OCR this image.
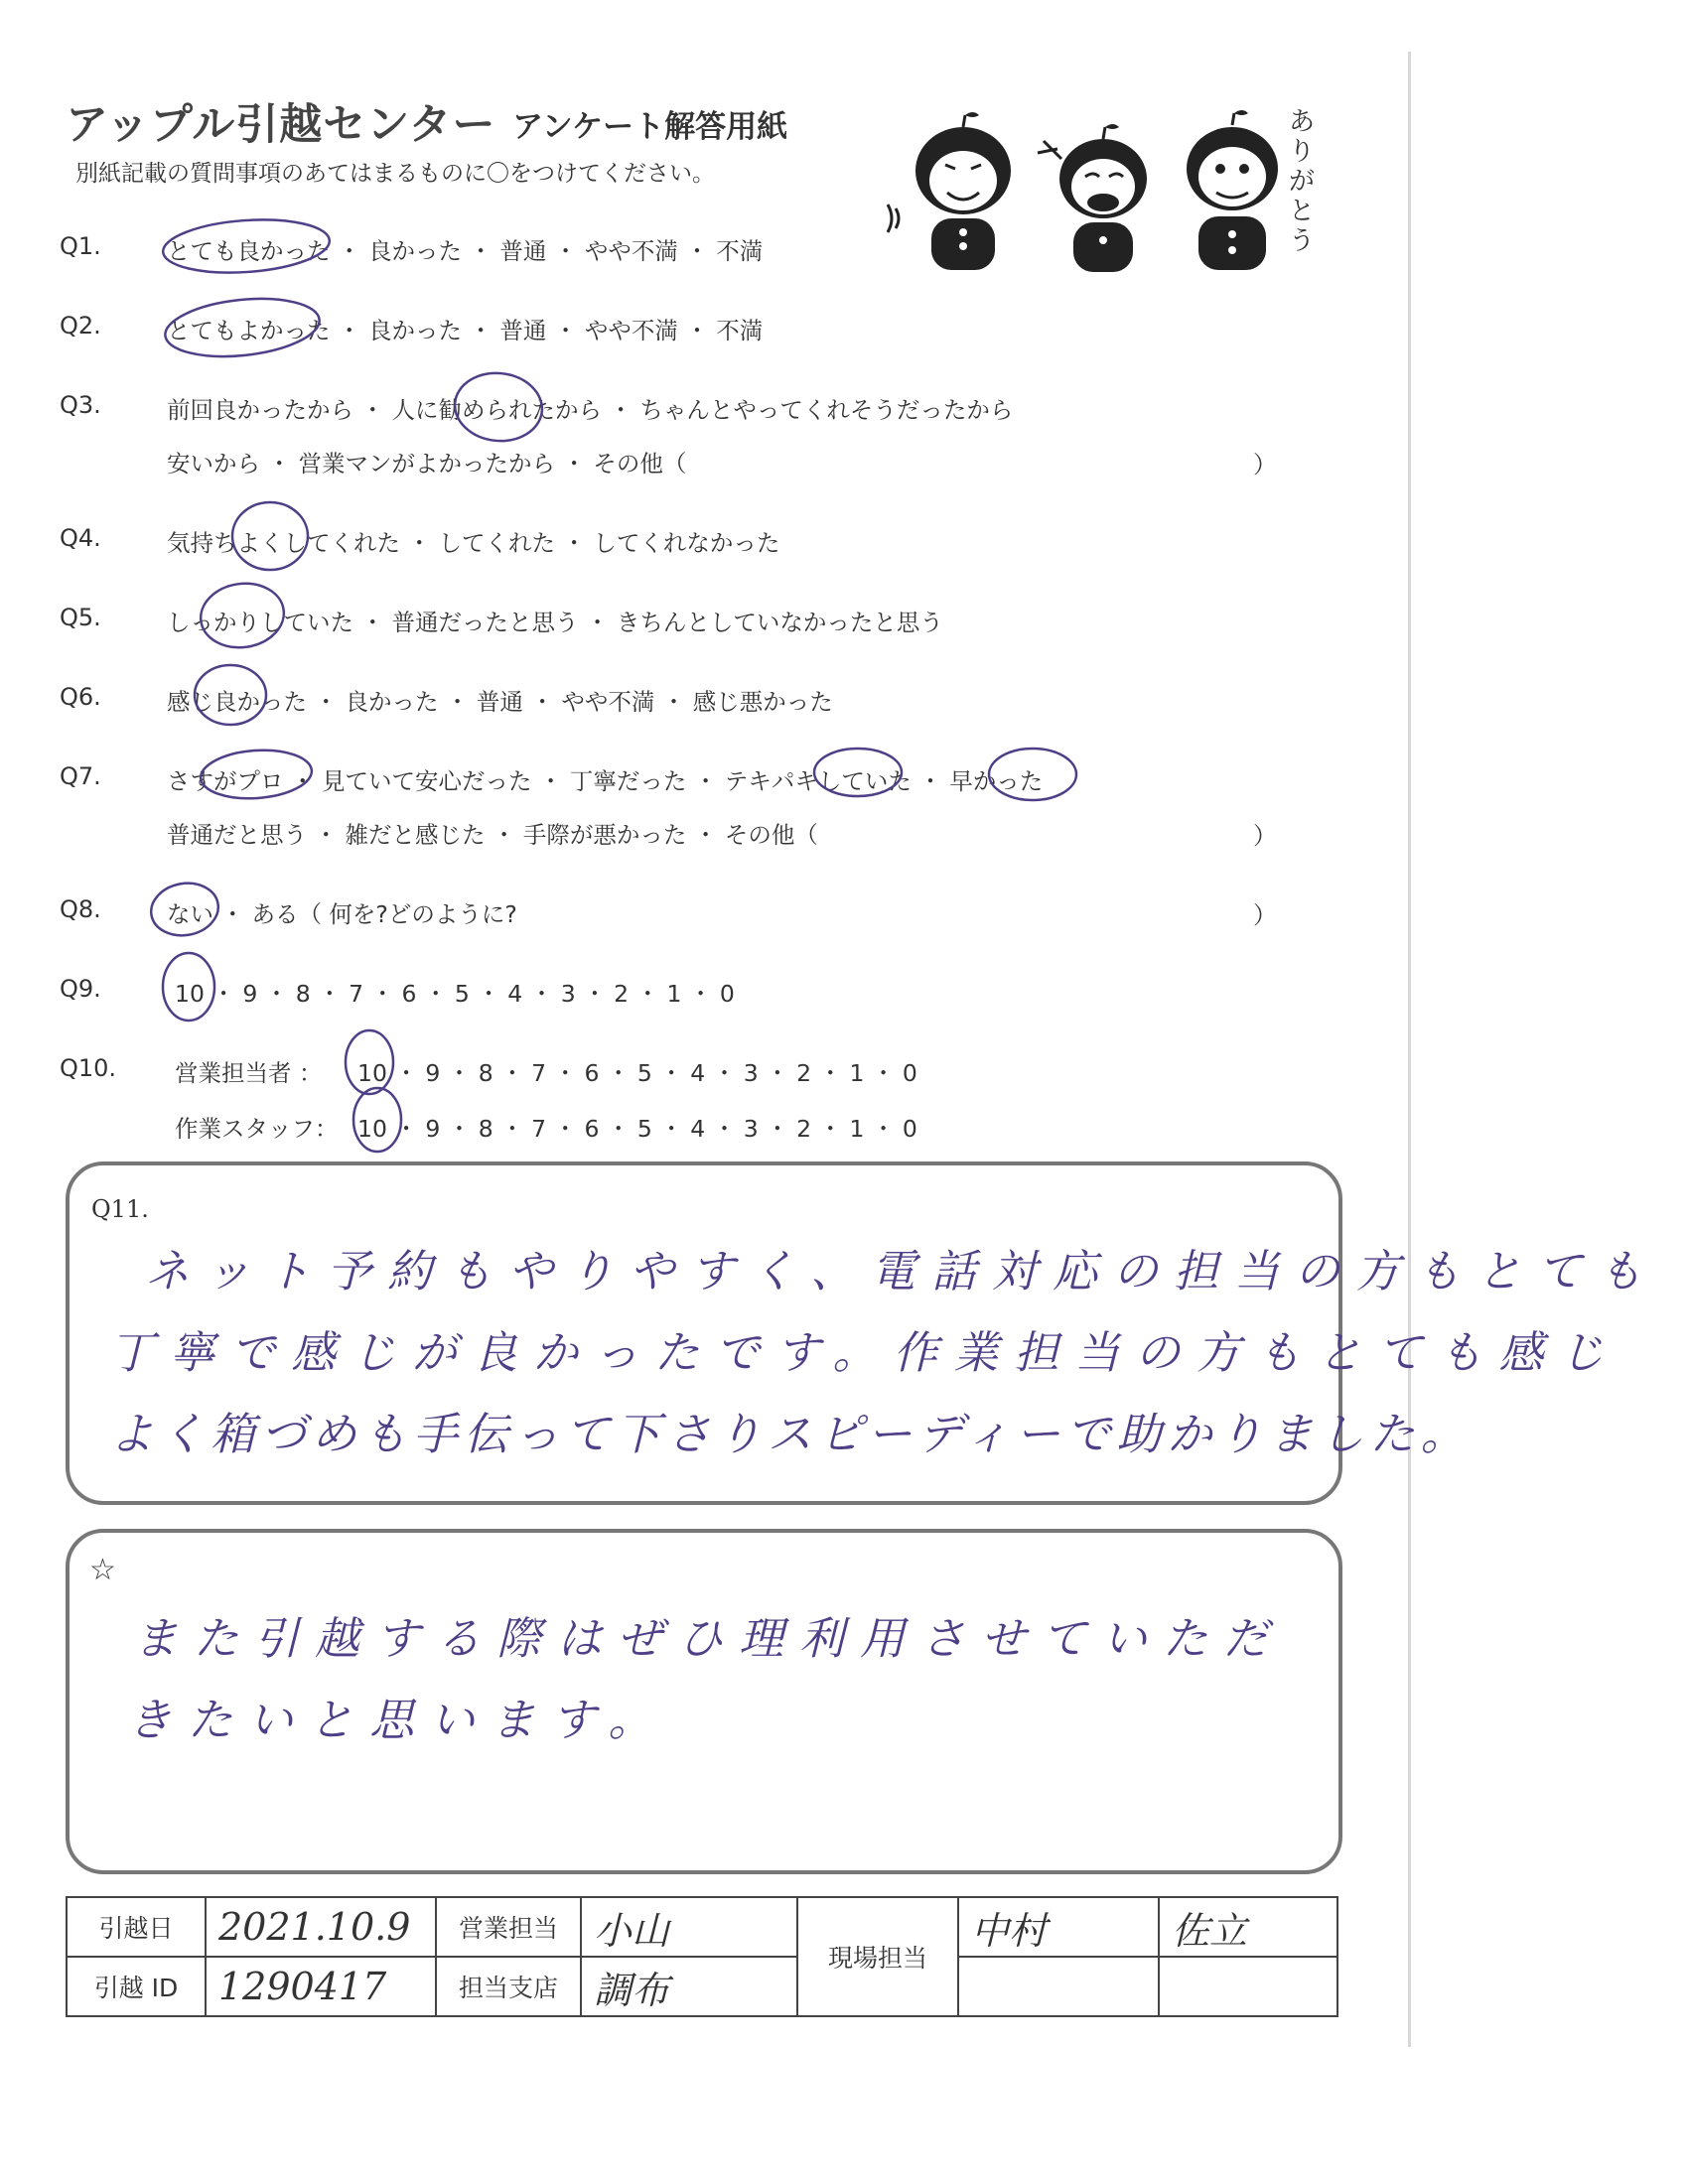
アップル引越センター アンケート解答用紙
別紙記載の質問事項のあてはまるものに〇をつけてください。
ありがとう
Q1.	とても良かった ・ 良かった ・ 普通 ・ やや不満 ・ 不満
Q2.	とてもよかった ・ 良かった ・ 普通 ・ やや不満 ・ 不満
Q3.	前回良かったから ・ 人に勧められたから ・ ちゃんとやってくれそうだったから
安いから ・ 営業マンがよかったから ・ その他（	）
Q4.	気持ちよくしてくれた ・ してくれた ・ してくれなかった
Q5.	しっかりしていた ・ 普通だったと思う ・ きちんとしていなかったと思う
Q6.	感じ良かった ・ 良かった ・ 普通 ・ やや不満 ・ 感じ悪かった
Q7.	さすがプロ ・ 見ていて安心だった ・ 丁寧だった ・ テキパキしていた ・ 早かった
普通だと思う ・ 雑だと感じた ・ 手際が悪かった ・ その他（	）
Q8.	ない ・ ある（ 何を?どのように?	）
Q9.	10 ・ 9 ・ 8 ・ 7 ・ 6 ・ 5 ・ 4 ・ 3 ・ 2 ・ 1 ・ 0
Q10.	営業担当者 ： 10 ・ 9 ・ 8 ・ 7 ・ 6 ・ 5 ・ 4 ・ 3 ・ 2 ・ 1 ・ 0
作業スタッフ： 10 ・ 9 ・ 8 ・ 7 ・ 6 ・ 5 ・ 4 ・ 3 ・ 2 ・ 1 ・ 0
Q11.
ネット予約もやりやすく、電話対応の担当の方もとても
丁寧で感じが良かったです。作業担当の方もとても感じ
よく箱づめも手伝って下さりスピーディーで助かりました。
☆
また引越する際はぜひ理利用させていただ
きたいと思います。
引越日	2021.10.9	営業担当	小山	現場担当	中村	佐立
引越 ID	1290417	担当支店	調布			
